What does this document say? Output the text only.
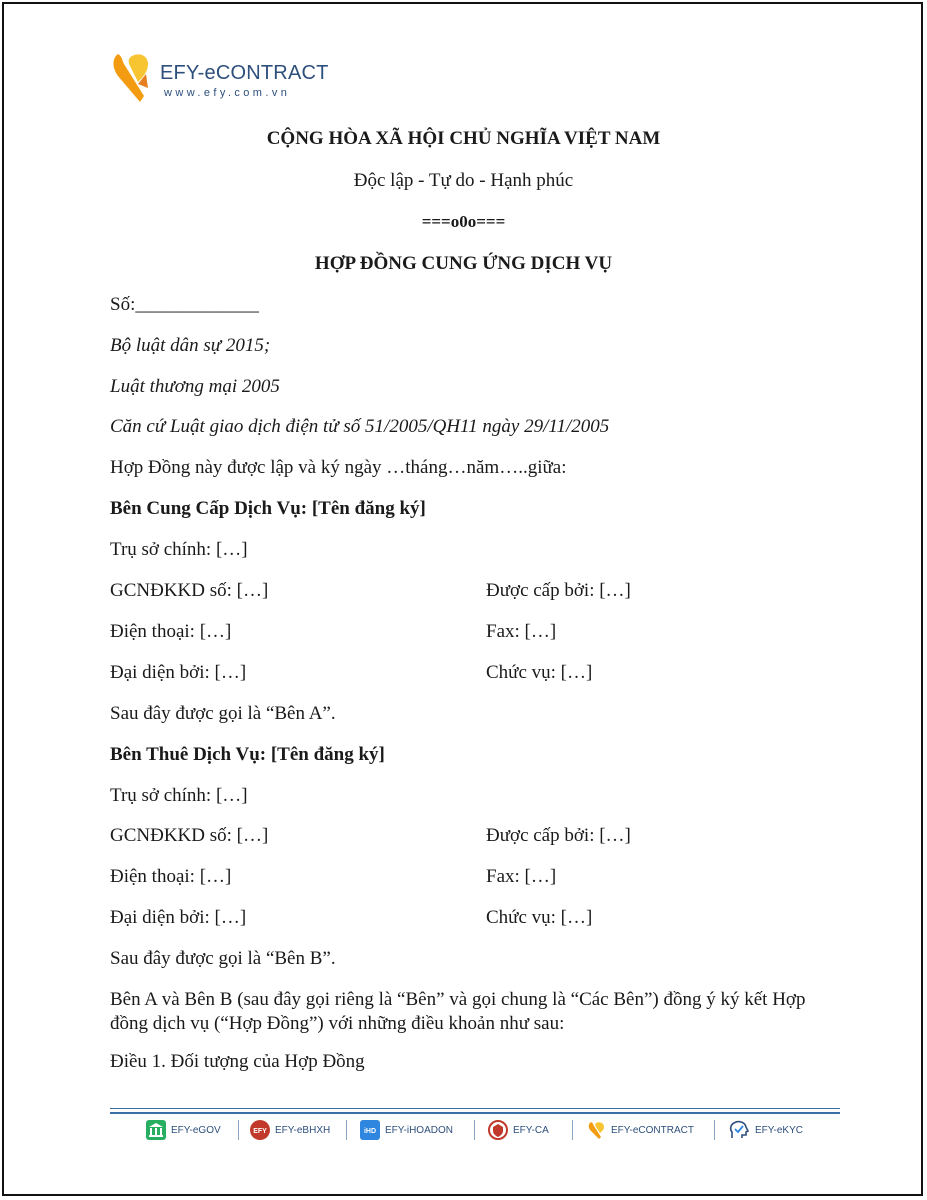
EFY-eCONTRACT
www.efy.com.vn
CỘNG HÒA XÃ HỘI CHỦ NGHĨA VIỆT NAM
Độc lập - Tự do - Hạnh phúc
===o0o===
HỢP ĐỒNG CUNG ỨNG DỊCH VỤ
Số:_____________
Bộ luật dân sự 2015;
Luật thương mại 2005
Căn cứ Luật giao dịch điện tử số 51/2005/QH11 ngày 29/11/2005
Hợp Đồng này được lập và ký ngày …tháng…năm…..giữa:
Bên Cung Cấp Dịch Vụ: [Tên đăng ký]
Trụ sở chính: […]
GCNĐKKD số: […]	Được cấp bởi: […]
Điện thoại: […]	Fax: […]
Đại diện bởi: […]	Chức vụ: […]
Sau đây được gọi là “Bên A”.
Bên Thuê Dịch Vụ: [Tên đăng ký]
Trụ sở chính: […]
GCNĐKKD số: […]	Được cấp bởi: […]
Điện thoại: […]	Fax: […]
Đại diện bởi: […]	Chức vụ: […]
Sau đây được gọi là “Bên B”.
Bên A và Bên B (sau đây gọi riêng là “Bên” và gọi chung là “Các Bên”) đồng ý ký kết Hợp đồng dịch vụ (“Hợp Đồng”) với những điều khoản như sau:
Điều 1. Đối tượng của Hợp Đồng
EFY-eGOV	EFY EFY-eBHXH	iHD EFY-iHOADON	EFY-CA	EFY-eCONTRACT	EFY-eKYC
